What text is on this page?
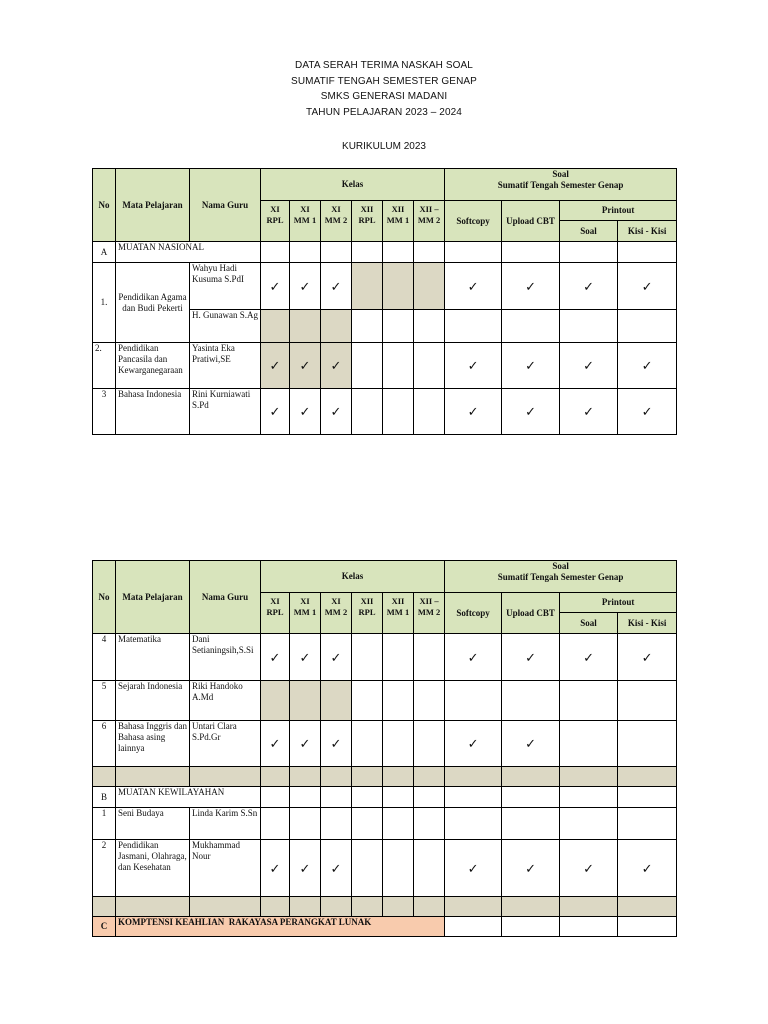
DATA SERAH TERIMA NASKAH SOAL
SUMATIF TENGAH SEMESTER GENAP
SMKS GENERASI MADANI
TAHUN PELAJARAN 2023 – 2024
KURIKULUM 2023
No	Mata Pelajaran	Nama Guru	Kelas						Soal
Sumatif Tengah Semester Genap			

			XI RPL	XI MM 1	XI MM 2	XII RPL	XII MM 1	XII – MM 2	Softcopy	Upload CBT	Printout	
											Soal	Kisi - Kisi
A	MUATAN NASIONAL											
1.	Pendidikan Agama dan Budi Pekerti	Wahyu Hadi Kusuma S.PdI	✓	✓	✓				✓	✓	✓	✓
		H. Gunawan S.Ag										
2.	Pendidikan Pancasila dan Kewarganegaraan	Yasinta Eka Pratiwi,SE	✓	✓	✓				✓	✓	✓	✓
3	Bahasa Indonesia	Rini Kurniawati S.Pd	✓	✓	✓				✓	✓	✓	✓
No	Mata Pelajaran	Nama Guru	Kelas						Soal
Sumatif Tengah Semester Genap			

			XI RPL	XI MM 1	XI MM 2	XII RPL	XII MM 1	XII – MM 2	Softcopy	Upload CBT	Printout	
											Soal	Kisi - Kisi
4	Matematika	Dani Setianingsih,S.Si	✓	✓	✓				✓	✓	✓	✓
5	Sejarah Indonesia	Riki Handoko A.Md										
6	Bahasa Inggris dan Bahasa asing lainnya	Untari Clara S.Pd.Gr	✓	✓	✓				✓	✓		

B	MUATAN KEWILAYAHAN											
1	Seni Budaya	Linda Karim S.Sn										
2	Pendidikan Jasmani, Olahraga, dan Kesehatan	Mukhammad Nour	✓	✓	✓				✓	✓	✓	✓

C	KOMPTENSI KEAHLIAN  RAKAYASA PERANGKAT LUNAK											
